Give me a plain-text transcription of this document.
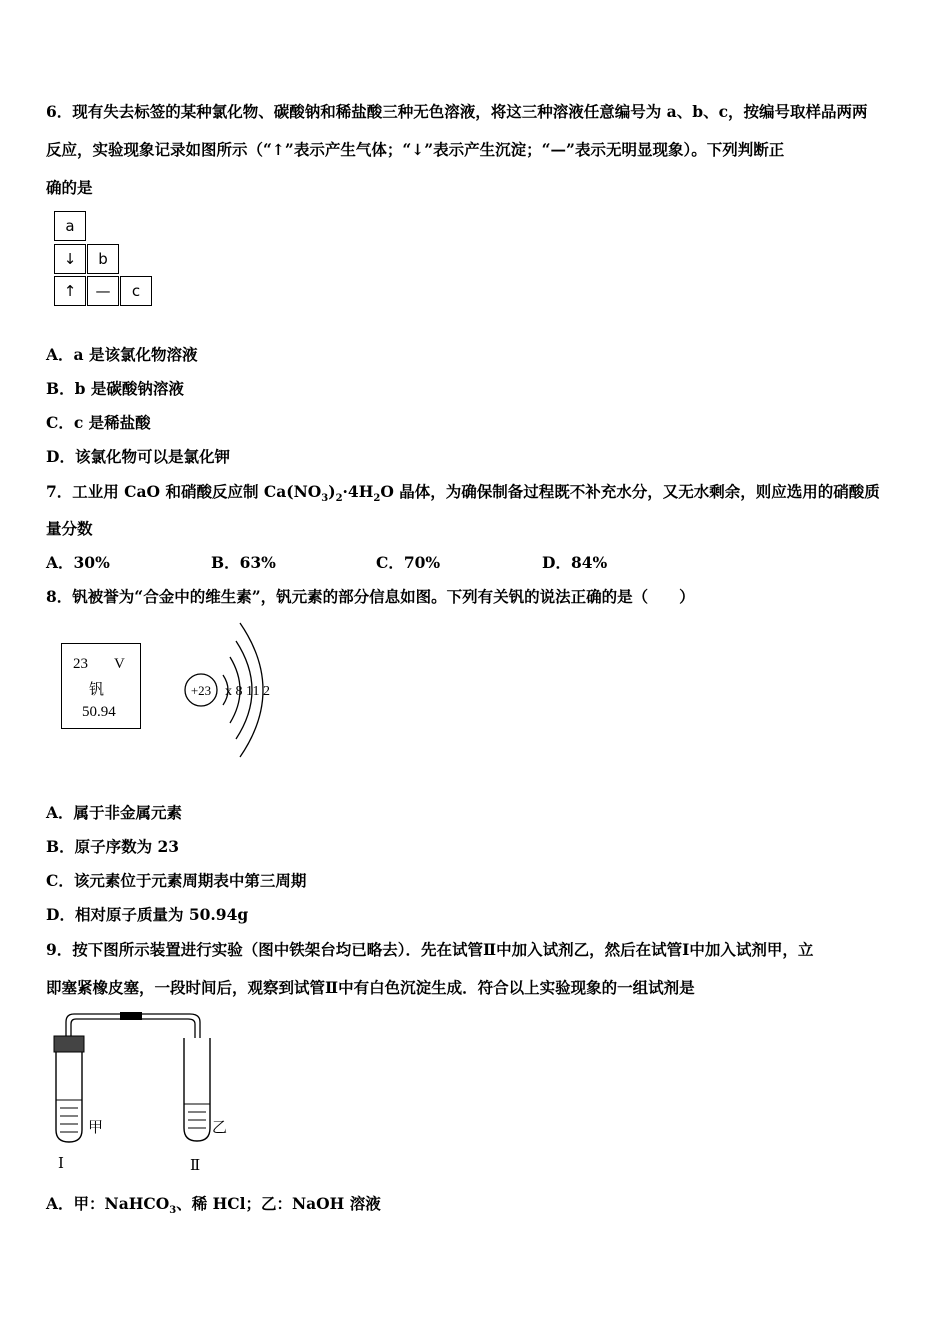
6．现有失去标签的某种氯化物、碳酸钠和稀盐酸三种无色溶液，将这三种溶液任意编号为 a、b、c，按编号取样品两两
反应，实验现象记录如图所示（“↑”表示产生气体；“↓”表示产生沉淀；“—”表示无明显现象）。下列判断正
确的是
a
↓	b
↑	—	c
A．a 是该氯化物溶液
B．b 是碳酸钠溶液
C．c 是稀盐酸
D．该氯化物可以是氯化钾
7．工业用 CaO 和硝酸反应制 $Ca(NO_3)_2\cdot 4H_2O$ 晶体，为确保制备过程既不补充水分，又无水剩余，则应选用的硝酸质
量分数
A．30%	B．63%	C．70%	D．84%
8．钒被誉为“合金中的维生素”，钒元素的部分信息如图。下列有关钒的说法正确的是（　　）
23 V
钒
50.94
+23 x 8 11 2
A．属于非金属元素
B．原子序数为 23
C．该元素位于元素周期表中第三周期
D．相对原子质量为 50.94g
9．按下图所示装置进行实验（图中铁架台均已略去）．先在试管Ⅱ中加入试剂乙，然后在试管Ⅰ中加入试剂甲，立
即塞紧橡皮塞，一段时间后，观察到试管Ⅱ中有白色沉淀生成．符合以上实验现象的一组试剂是
甲	乙
Ⅰ	Ⅱ
A．甲：NaHCO$_3$、稀 HCl；乙：NaOH 溶液
